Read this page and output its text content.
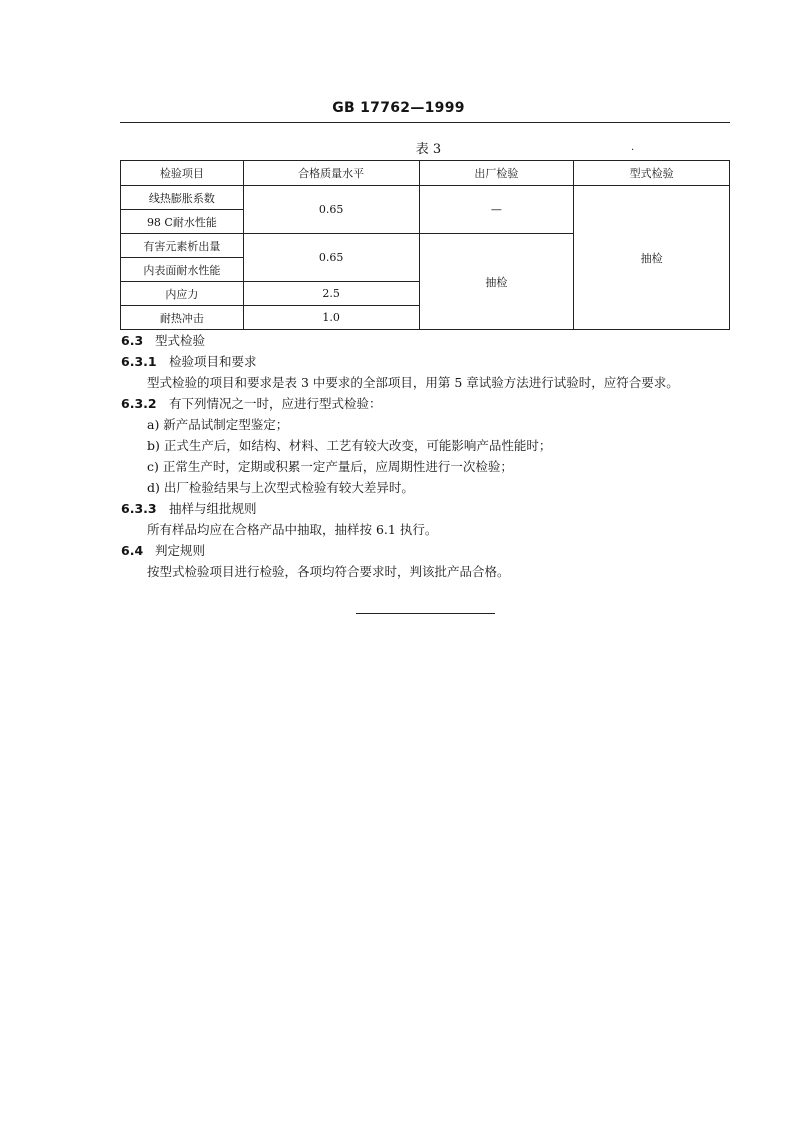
GB 17762—1999
表 3	.
检验项目	合格质量水平	出厂检验	型式检验
线热膨胀系数	0.65	—	抽检
98 C耐水性能			
有害元素析出量	0.65	抽检	
内表面耐水性能			
内应力	2.5		
耐热冲击	1.0		
6.3 型式检验
6.3.1 检验项目和要求
型式检验的项目和要求是表 3 中要求的全部项目，用第 5 章试验方法进行试验时，应符合要求。
6.3.2 有下列情况之一时，应进行型式检验：
a) 新产品试制定型鉴定；
b) 正式生产后，如结构、材料、工艺有较大改变，可能影响产品性能时；
c) 正常生产时，定期或积累一定产量后，应周期性进行一次检验；
d) 出厂检验结果与上次型式检验有较大差异时。
6.3.3 抽样与组批规则
所有样品均应在合格产品中抽取，抽样按 6.1 执行。
6.4 判定规则
按型式检验项目进行检验，各项均符合要求时，判该批产品合格。
